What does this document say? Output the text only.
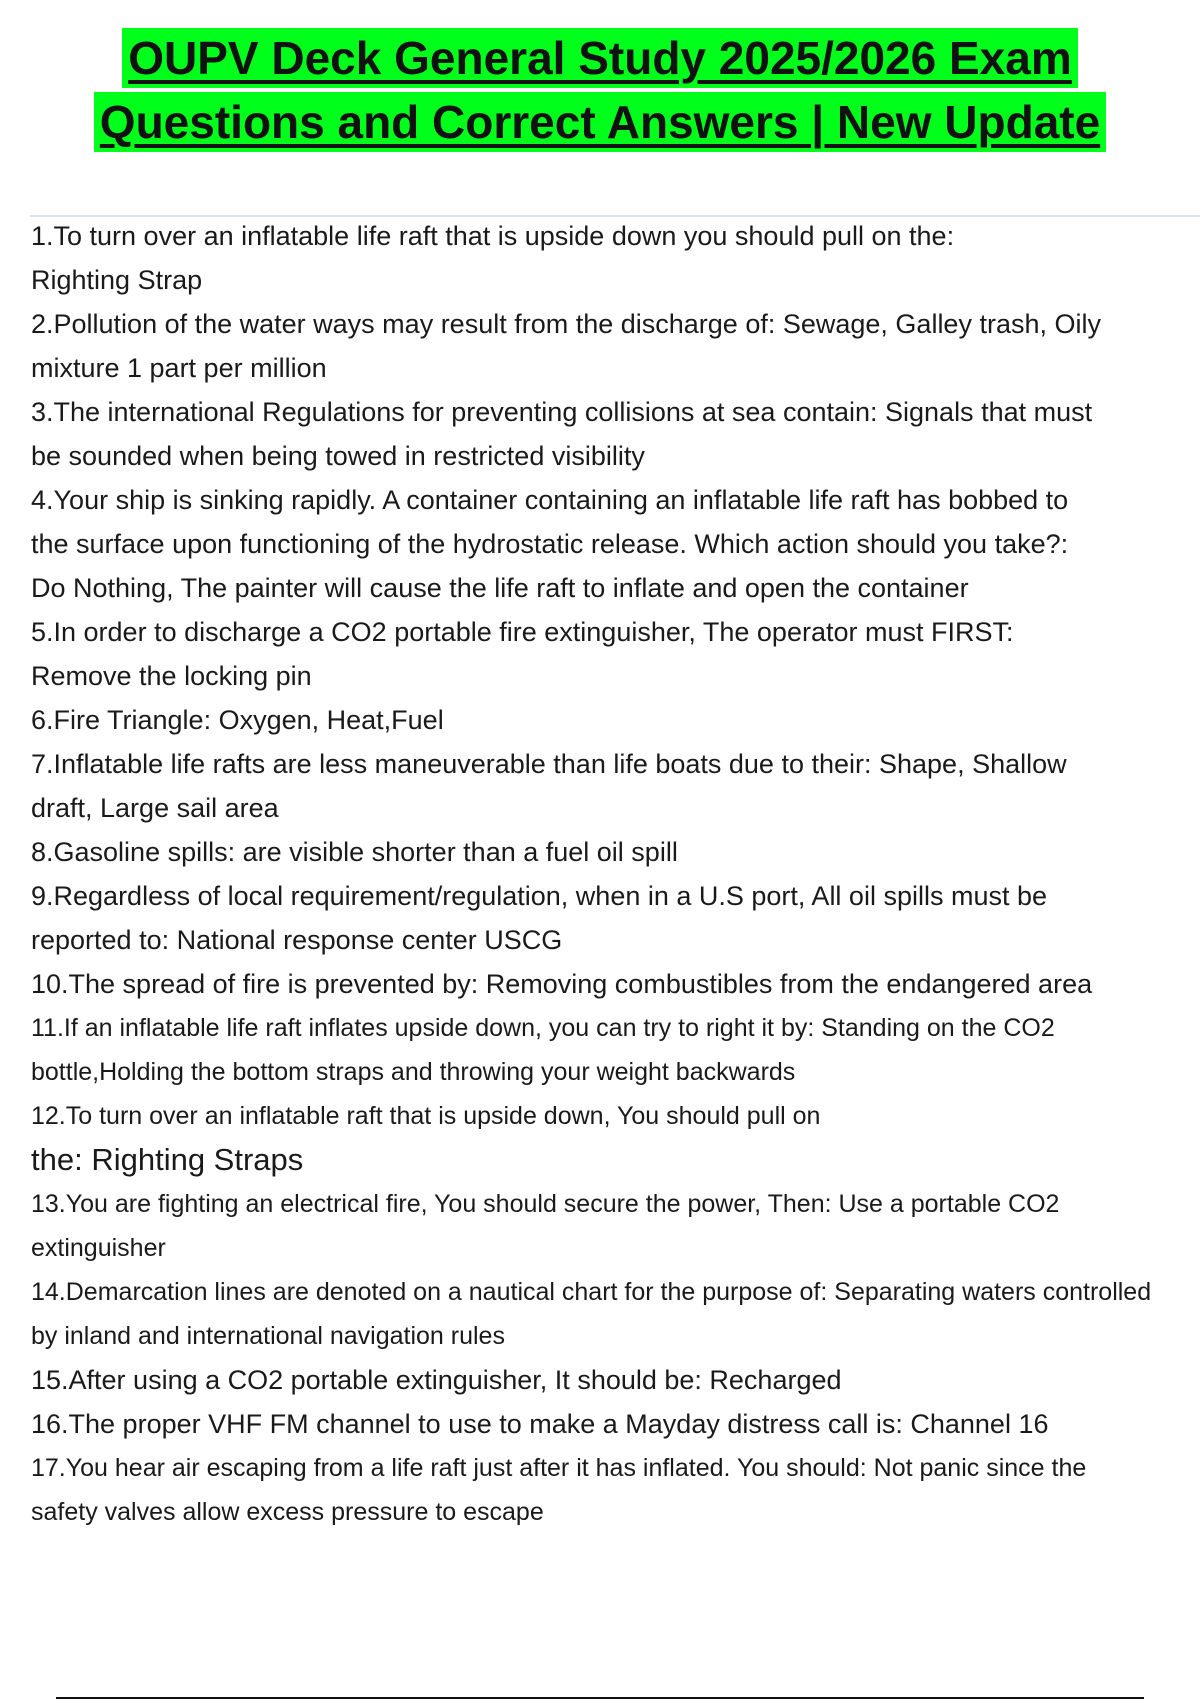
OUPV Deck General Study 2025/2026 Exam
Questions and Correct Answers | New Update
1.To turn over an inflatable life raft that is upside down you should pull on the:
Righting Strap
2.Pollution of the water ways may result from the discharge of: Sewage, Galley trash, Oily
mixture 1 part per million
3.The international Regulations for preventing collisions at sea contain: Signals that must
be sounded when being towed in restricted visibility
4.Your ship is sinking rapidly. A container containing an inflatable life raft has bobbed to
the surface upon functioning of the hydrostatic release. Which action should you take?:
Do Nothing, The painter will cause the life raft to inflate and open the container
5.In order to discharge a CO2 portable fire extinguisher, The operator must FIRST:
Remove the locking pin
6.Fire Triangle: Oxygen, Heat,Fuel
7.Inflatable life rafts are less maneuverable than life boats due to their: Shape, Shallow
draft, Large sail area
8.Gasoline spills: are visible shorter than a fuel oil spill
9.Regardless of local requirement/regulation, when in a U.S port, All oil spills must be
reported to: National response center USCG
10.The spread of fire is prevented by: Removing combustibles from the endangered area
11.If an inflatable life raft inflates upside down, you can try to right it by: Standing on the CO2
bottle,Holding the bottom straps and throwing your weight backwards
12.To turn over an inflatable raft that is upside down, You should pull on
the: Righting Straps
13.You are fighting an electrical fire, You should secure the power, Then: Use a portable CO2
extinguisher
14.Demarcation lines are denoted on a nautical chart for the purpose of: Separating waters controlled
by inland and international navigation rules
15.After using a CO2 portable extinguisher, It should be: Recharged
16.The proper VHF FM channel to use to make a Mayday distress call is: Channel 16
17.You hear air escaping from a life raft just after it has inflated. You should: Not panic since the
safety valves allow excess pressure to escape
